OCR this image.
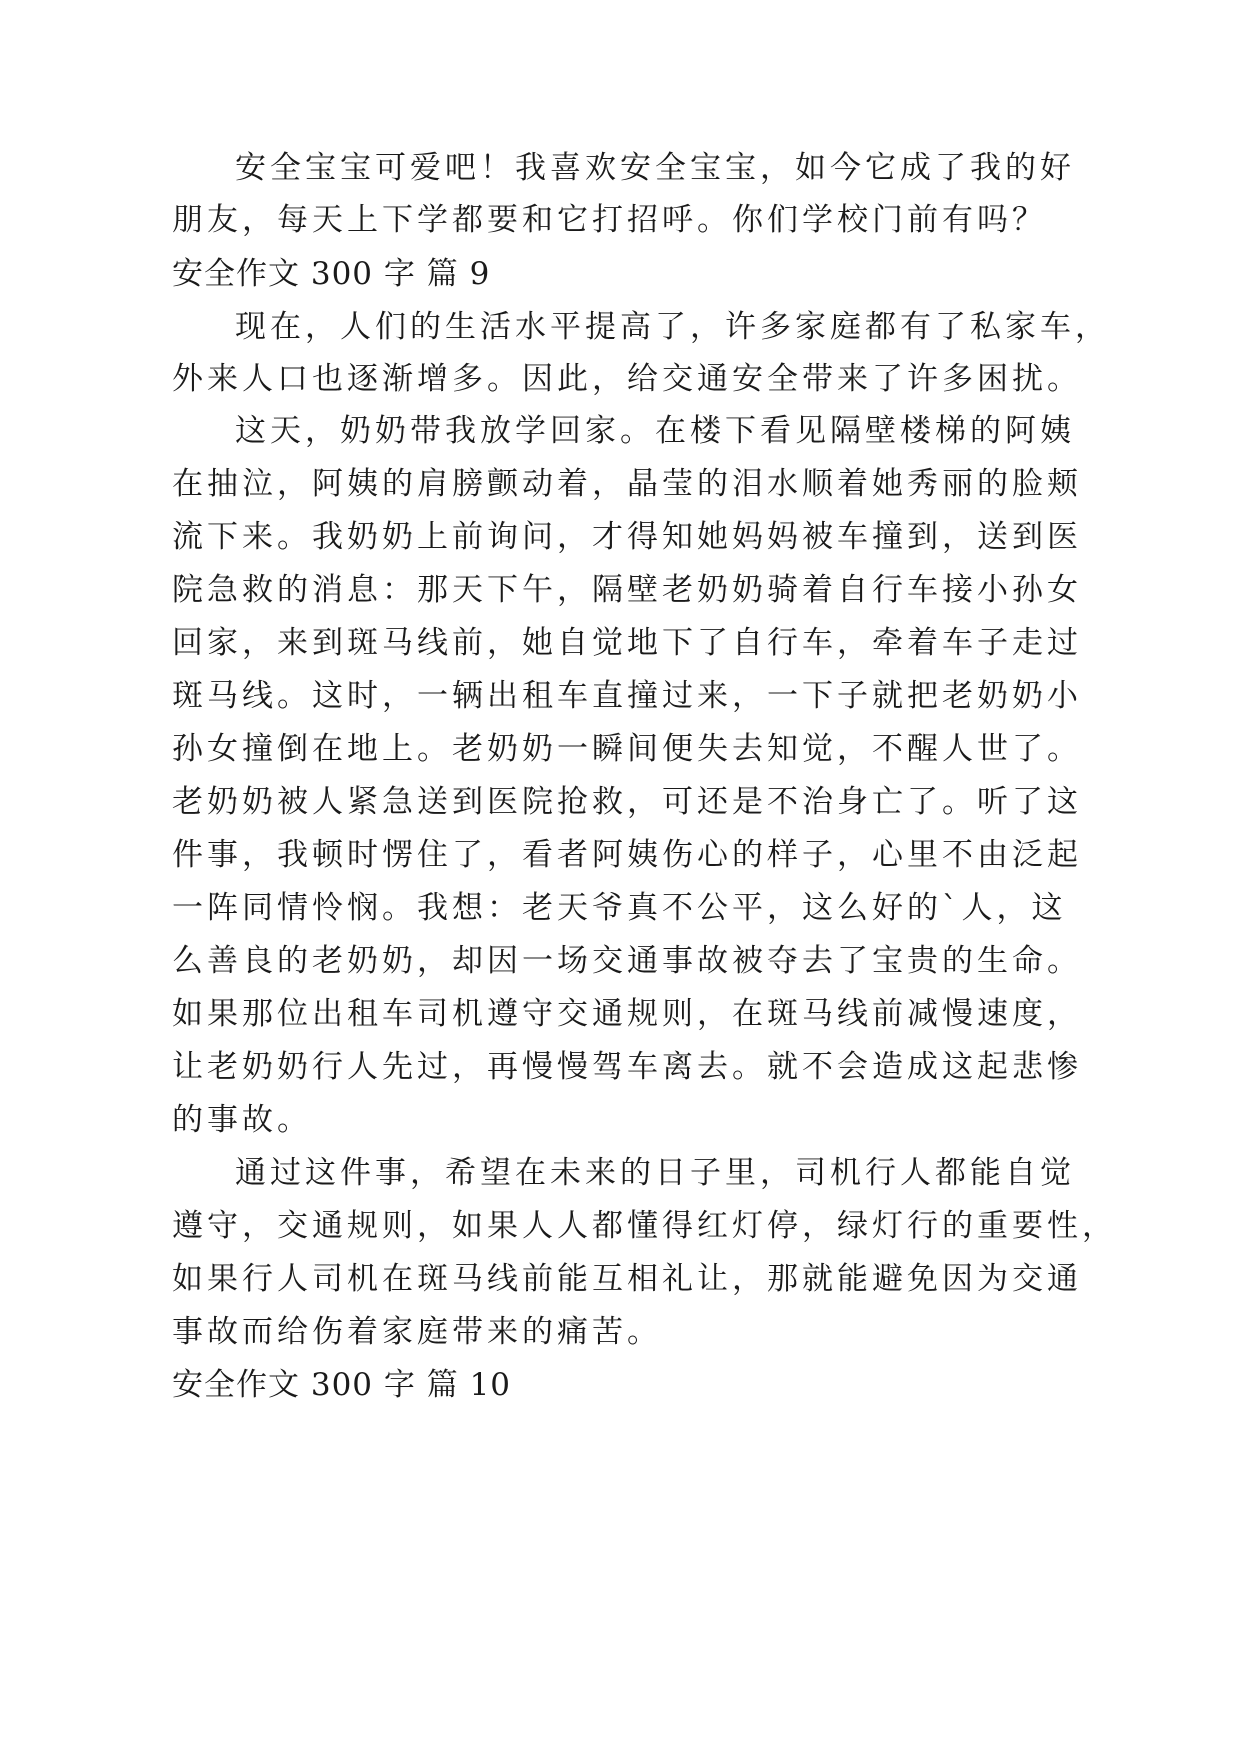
安全宝宝可爱吧！我喜欢安全宝宝，如今它成了我的好
朋友，每天上下学都要和它打招呼。你们学校门前有吗？
安全作文 300 字 篇 9
现在，人们的生活水平提高了，许多家庭都有了私家车，
外来人口也逐渐增多。因此，给交通安全带来了许多困扰。
这天，奶奶带我放学回家。在楼下看见隔壁楼梯的阿姨
在抽泣，阿姨的肩膀颤动着，晶莹的泪水顺着她秀丽的脸颊
流下来。我奶奶上前询问，才得知她妈妈被车撞到，送到医
院急救的消息：那天下午，隔壁老奶奶骑着自行车接小孙女
回家，来到斑马线前，她自觉地下了自行车，牵着车子走过
斑马线。这时，一辆出租车直撞过来，一下子就把老奶奶小
孙女撞倒在地上。老奶奶一瞬间便失去知觉，不醒人世了。
老奶奶被人紧急送到医院抢救，可还是不治身亡了。听了这
件事，我顿时愣住了，看者阿姨伤心的样子，心里不由泛起
一阵同情怜悯。我想：老天爷真不公平，这么好的`人，这
么善良的老奶奶，却因一场交通事故被夺去了宝贵的生命。
如果那位出租车司机遵守交通规则，在斑马线前减慢速度，
让老奶奶行人先过，再慢慢驾车离去。就不会造成这起悲惨
的事故。
通过这件事，希望在未来的日子里，司机行人都能自觉
遵守，交通规则，如果人人都懂得红灯停，绿灯行的重要性，
如果行人司机在斑马线前能互相礼让，那就能避免因为交通
事故而给伤着家庭带来的痛苦。
安全作文 300 字 篇 10
